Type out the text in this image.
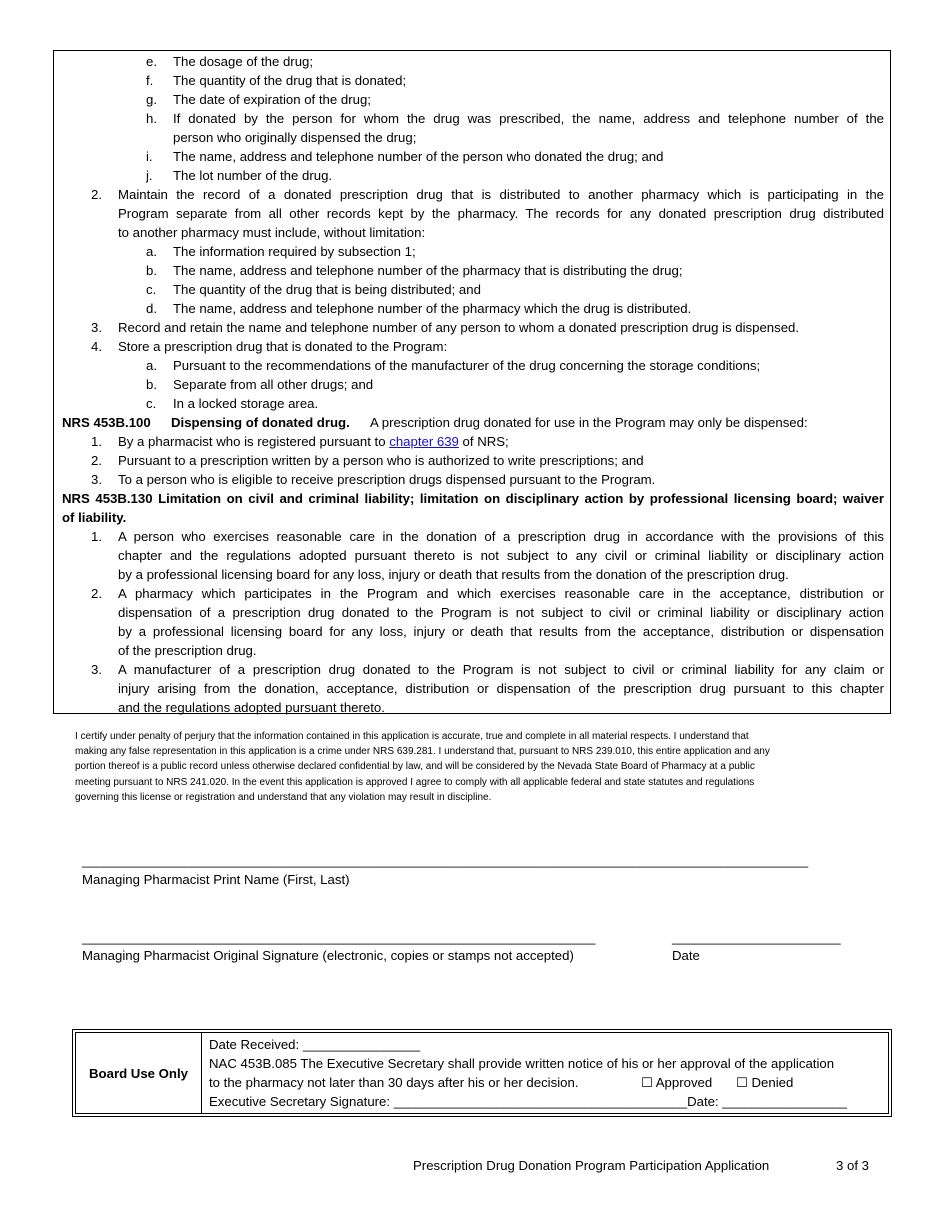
e. The dosage of the drug;
f. The quantity of the drug that is donated;
g. The date of expiration of the drug;
h. If donated by the person for whom the drug was prescribed, the name, address and telephone number of the
person who originally dispensed the drug;
i. The name, address and telephone number of the person who donated the drug; and
j. The lot number of the drug.
2. Maintain the record of a donated prescription drug that is distributed to another pharmacy which is participating in the
Program separate from all other records kept by the pharmacy. The records for any donated prescription drug distributed
to another pharmacy must include, without limitation:
a. The information required by subsection 1;
b. The name, address and telephone number of the pharmacy that is distributing the drug;
c. The quantity of the drug that is being distributed; and
d. The name, address and telephone number of the pharmacy which the drug is distributed.
3. Record and retain the name and telephone number of any person to whom a donated prescription drug is dispensed.
4. Store a prescription drug that is donated to the Program:
a. Pursuant to the recommendations of the manufacturer of the drug concerning the storage conditions;
b. Separate from all other drugs; and
c. In a locked storage area.
NRS 453B.100 Dispensing of donated drug. A prescription drug donated for use in the Program may only be dispensed:
1. By a pharmacist who is registered pursuant to chapter 639 of NRS;
2. Pursuant to a prescription written by a person who is authorized to write prescriptions; and
3. To a person who is eligible to receive prescription drugs dispensed pursuant to the Program.
NRS 453B.130 Limitation on civil and criminal liability; limitation on disciplinary action by professional licensing board; waiver
of liability.
1. A person who exercises reasonable care in the donation of a prescription drug in accordance with the provisions of this
chapter and the regulations adopted pursuant thereto is not subject to any civil or criminal liability or disciplinary action
by a professional licensing board for any loss, injury or death that results from the donation of the prescription drug.
2. A pharmacy which participates in the Program and which exercises reasonable care in the acceptance, distribution or
dispensation of a prescription drug donated to the Program is not subject to civil or criminal liability or disciplinary action
by a professional licensing board for any loss, injury or death that results from the acceptance, distribution or dispensation
of the prescription drug.
3. A manufacturer of a prescription drug donated to the Program is not subject to civil or criminal liability for any claim or
injury arising from the donation, acceptance, distribution or dispensation of the prescription drug pursuant to this chapter
and the regulations adopted pursuant thereto.
I certify under penalty of perjury that the information contained in this application is accurate, true and complete in all material respects. I understand that
making any false representation in this application is a crime under NRS 639.281. I understand that, pursuant to NRS 239.010, this entire application and any
portion thereof is a public record unless otherwise declared confidential by law, and will be considered by the Nevada State Board of Pharmacy at a public
meeting pursuant to NRS 241.020. In the event this application is approved I agree to comply with all applicable federal and state statutes and regulations
governing this license or registration and understand that any violation may result in discipline.
___________________________________________________________________________________________________
Managing Pharmacist Print Name (First, Last)
______________________________________________________________________	_______________________
Managing Pharmacist Original Signature (electronic, copies or stamps not accepted)	Date
Board Use Only
Date Received: ________________
NAC 453B.085 The Executive Secretary shall provide written notice of his or her approval of the application
to the pharmacy not later than 30 days after his or her decision.	☐ Approved ☐ Denied
Executive Secretary Signature: ________________________________________Date: _________________
Prescription Drug Donation Program Participation Application	3 of 3
